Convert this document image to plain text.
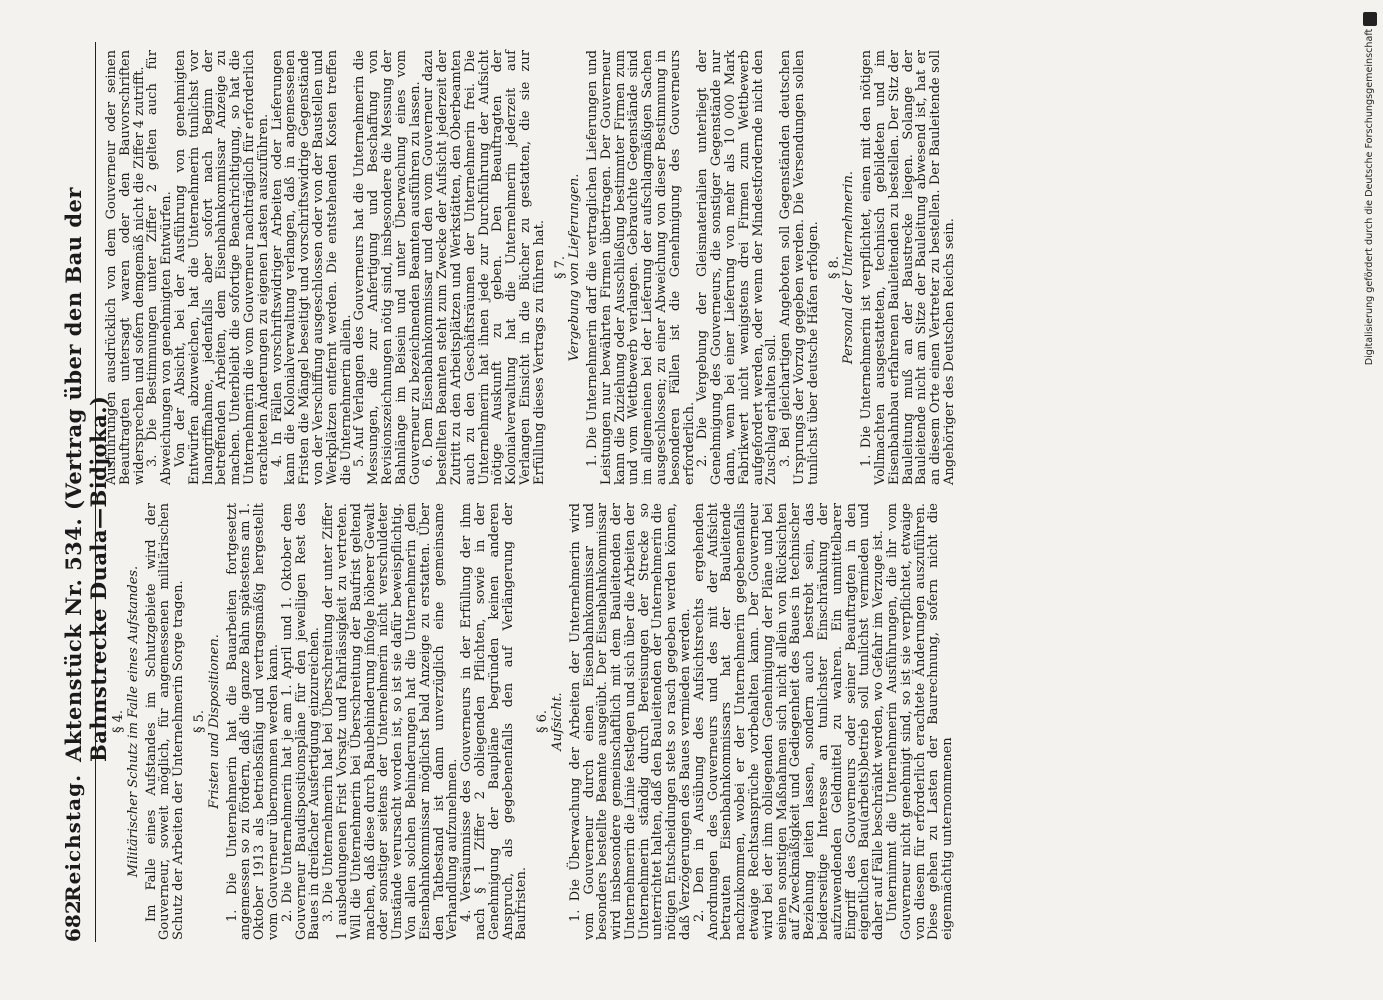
682
Reichstag.
Aktenstück Nr. 534. (Vertrag über den Bau der Bahnstrecke Duala—Bidjoka.) § 4. Militärischer Schutz im Falle eines Aufstandes. Im Falle eines Aufstandes im Schutzgebiete wird der Gouverneur, soweit möglich, für angemessenen militärischen Schutz der Arbeiten der Unternehmerin Sorge tragen. § 5. Fristen und Dispositionen. 1. Die Unternehmerin hat die Bauarbeiten fortgesetzt angemessen so zu fördern, daß die ganze Bahn spätestens am 1. Oktober 1913 als betriebsfähig und vertragsmäßig hergestellt vom Gouverneur übernommen werden kann.

2. Die Unternehmerin hat je am 1. April und 1. Oktober dem Gouverneur Baudispositionspläne für den jeweiligen Rest des Baues in dreifacher Ausfertigung einzureichen.

3. Die Unternehmerin hat bei Überschreitung der unter Ziffer 1 ausbedungenen Frist Vorsatz und Fahrlässigkeit zu vertreten. Will die Unternehmerin bei Überschreitung der Baufrist geltend machen, daß diese durch Baubehinderung infolge höherer Gewalt oder sonstiger seitens der Unternehmerin nicht verschuldeter Umstände verursacht worden ist, so ist sie dafür beweispflichtig. Von allen solchen Behinderungen hat die Unternehmerin dem Eisenbahnkommissar möglichst bald Anzeige zu erstatten. Über den Tatbestand ist dann unverzüglich eine gemeinsame Verhandlung aufzunehmen.

4. Versäumnisse des Gouverneurs in der Erfüllung der ihm nach § 1 Ziffer 2 obliegenden Pflichten, sowie in der Genehmigung der Baupläne begründen keinen anderen Anspruch, als gegebenenfalls den auf Verlängerung der Baufristen.

§ 6. Aufsicht. 1. Die Überwachung der Arbeiten der Unternehmerin wird vom Gouverneur durch einen Eisenbahnkommissar und besonders bestellte Beamte ausgeübt. Der Eisenbahnkommissar wird insbesondere gemeinschaftlich mit dem Bauleitenden der Unternehmerin die Linie festlegen und sich über die Arbeiten der Unternehmerin ständig durch Bereisungen der Strecke so unterrichtet halten, daß den Bauleitenden der Unternehmerin die nötigen Entscheidungen stets so rasch gegeben werden können, daß Verzögerungen des Baues vermieden werden.

2. Den in Ausübung des Aufsichtsrechts ergehenden Anordnungen des Gouverneurs und des mit der Aufsicht betrauten Eisenbahnkommissars hat der Bauleitende nachzukommen, wobei er der Unternehmerin gegebenenfalls etwaige Rechtsansprüche vorbehalten kann. Der Gouverneur wird bei der ihm obliegenden Genehmigung der Pläne und bei seinen sonstigen Maßnahmen sich nicht allein von Rücksichten auf Zweckmäßigkeit und Gediegenheit des Baues in technischer Beziehung leiten lassen, sondern auch bestrebt sein, das beiderseitige Interesse an tunlichster Einschränkung der aufzuwendenden Geldmittel zu wahren. Ein unmittelbarer Eingriff des Gouverneurs oder seiner Beauftragten in den eigentlichen Bau(arbeits)betrieb soll tunlichst vermieden und daher auf Fälle beschränkt werden, wo Gefahr im Verzuge ist.

Unternimmt die Unternehmerin Ausführungen, die ihr vom Gouverneur nicht genehmigt sind, so ist sie verpflichtet, etwaige von diesem für erforderlich erachtete Änderungen auszuführen. Diese gehen zu Lasten der Baurechnung, sofern nicht die eigenmächtig unternommenen

Ausführungen ausdrücklich von dem Gouverneur oder seinen Beauftragten untersagt waren oder den Bauvorschriften widersprechen und sofern demgemäß nicht die Ziffer 4 zutrifft.

3. Die Bestimmungen unter Ziffer 2 gelten auch für Abweichungen von genehmigten Entwürfen.

Von der Absicht, bei der Ausführung von genehmigten Entwürfen abzuweichen, hat die Unternehmerin tunlichst vor Inangriffnahme, jedenfalls aber sofort nach Beginn der betreffenden Arbeiten, dem Eisenbahnkommissar Anzeige zu machen. Unterbleibt die sofortige Benachrichtigung, so hat die Unternehmerin die vom Gouverneur nachträglich für erforderlich erachteten Änderungen zu eigenen Lasten auszuführen.

4. In Fällen vorschriftswidriger Arbeiten oder Lieferungen kann die Kolonialverwaltung verlangen, daß in angemessenen Fristen die Mängel beseitigt und vorschriftswidrige Gegenstände von der Verschiffung ausgeschlossen oder von der Baustellen und Werkplätzen entfernt werden. Die entstehenden Kosten treffen die Unternehmerin allein.

5. Auf Verlangen des Gouverneurs hat die Unternehmerin die Messungen, die zur Anfertigung und Beschaffung von Revisionszeichnungen nötig sind, insbesondere die Messung der Bahnlänge im Beisein und unter Überwachung eines vom Gouverneur zu bezeichnenden Beamten ausführen zu lassen.

6. Dem Eisenbahnkommissar und den vom Gouverneur dazu bestellten Beamten steht zum Zwecke der Aufsicht jederzeit der Zutritt zu den Arbeitsplätzen und Werkstätten, den Oberbeamten auch zu den Geschäftsräumen der Unternehmerin frei. Die Unternehmerin hat ihnen jede zur Durchführung der Aufsicht nötige Auskunft zu geben. Den Beauftragten der Kolonialverwaltung hat die Unternehmerin jederzeit auf Verlangen Einsicht in die Bücher zu gestatten, die sie zur Erfüllung dieses Vertrags zu führen hat. § 7. Vergebung von Lieferungen. 1. Die Unternehmerin darf die vertraglichen Lieferungen und Leistungen nur bewährten Firmen übertragen. Der Gouverneur kann die Zuziehung oder Ausschließung bestimmter Firmen zum und vom Wettbewerb verlangen. Gebrauchte Gegenstände sind im allgemeinen bei der Lieferung der aufschlagmäßigen Sachen ausgeschlossen; zu einer Abweichung von dieser Bestimmung in besonderen Fällen ist die Genehmigung des Gouverneurs erforderlich.

2. Die Vergebung der Gleismaterialien unterliegt der Genehmigung des Gouverneurs, die sonstiger Gegenstände nur dann, wenn bei einer Lieferung von mehr als 10 000 Mark Fabrikwert nicht wenigstens drei Firmen zum Wettbewerb aufgefordert werden, oder wenn der Mindestfordernde nicht den Zuschlag erhalten soll.

3. Bei gleichartigen Angeboten soll Gegenständen deutschen Ursprungs der Vorzug gegeben werden. Die Versendungen sollen tunlichst über deutsche Häfen erfolgen. § 8. Personal der Unternehmerin. 1. Die Unternehmerin ist verpflichtet, einen mit den nötigen Vollmachten ausgestatteten, technisch gebildeten und im Eisenbahnbau erfahrenen Bauleitenden zu bestellen. Der Sitz der Bauleitung muß an der Baustrecke liegen. Solange der Bauleitende nicht am Sitze der Bauleitung abwesend ist, hat er an diesem Orte einen Vertreter zu bestellen. Der Bauleitende soll Angehöriger des Deutschen Reichs sein.	Digitalisierung gefördert durch die Deutsche Forschungsgemeinschaft •
